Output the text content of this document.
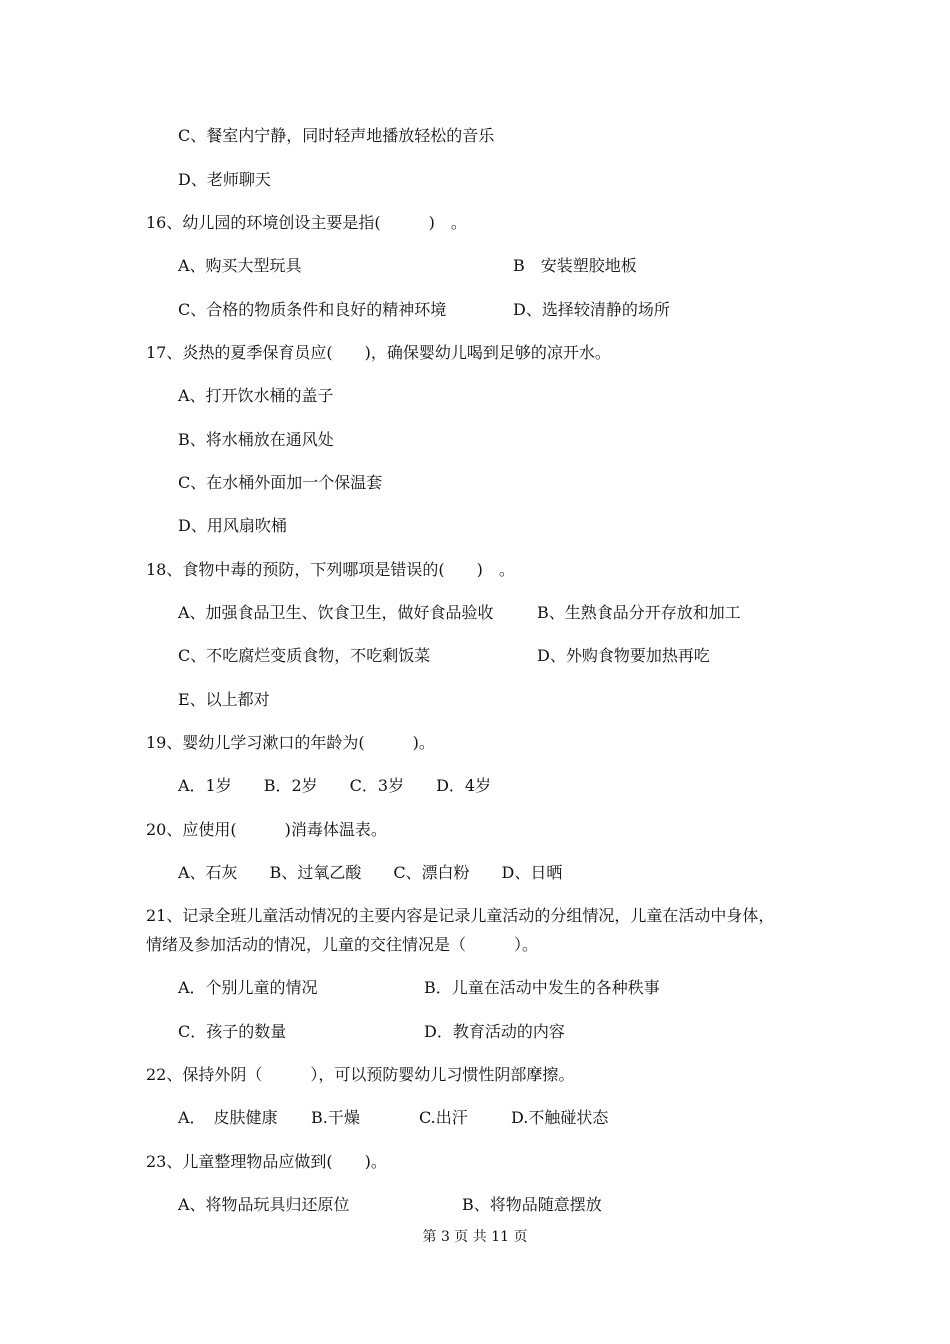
C、餐室内宁静，同时轻声地播放轻松的音乐
D、老师聊天
16、幼儿园的环境创设主要是指(　　　)　。
A、购买大型玩具	B　安装塑胶地板
C、合格的物质条件和良好的精神环境	D、选择较清静的场所
17、炎热的夏季保育员应(　　)，确保婴幼儿喝到足够的凉开水。
A、打开饮水桶的盖子
B、将水桶放在通风处
C、在水桶外面加一个保温套
D、用风扇吹桶
18、食物中毒的预防，下列哪项是错误的(　　)　。
A、加强食品卫生、饮食卫生，做好食品验收	B、生熟食品分开存放和加工
C、不吃腐烂变质食物，不吃剩饭菜	D、外购食物要加热再吃
E、以上都对
19、婴幼儿学习漱口的年龄为(　　　)。
A．1岁　　B．2岁　　C．3岁　　D．4岁
20、应使用(　　　)消毒体温表。
A、石灰　　B、过氧乙酸　　C、漂白粉　　D、日晒
21、记录全班儿童活动情况的主要内容是记录儿童活动的分组情况，儿童在活动中身体，
情绪及参加活动的情况，儿童的交往情况是（　　　）。
A．个别儿童的情况	B．儿童在活动中发生的各种秩事
C．孩子的数量	D．教育活动的内容
22、保持外阴（　　　），可以预防婴幼儿习惯性阴部摩擦。
A．　皮肤健康 B.干燥	C.出汗	D.不触碰状态
23、儿童整理物品应做到(　　)。
A、将物品玩具归还原位	B、将物品随意摆放
第 3 页 共 11 页
